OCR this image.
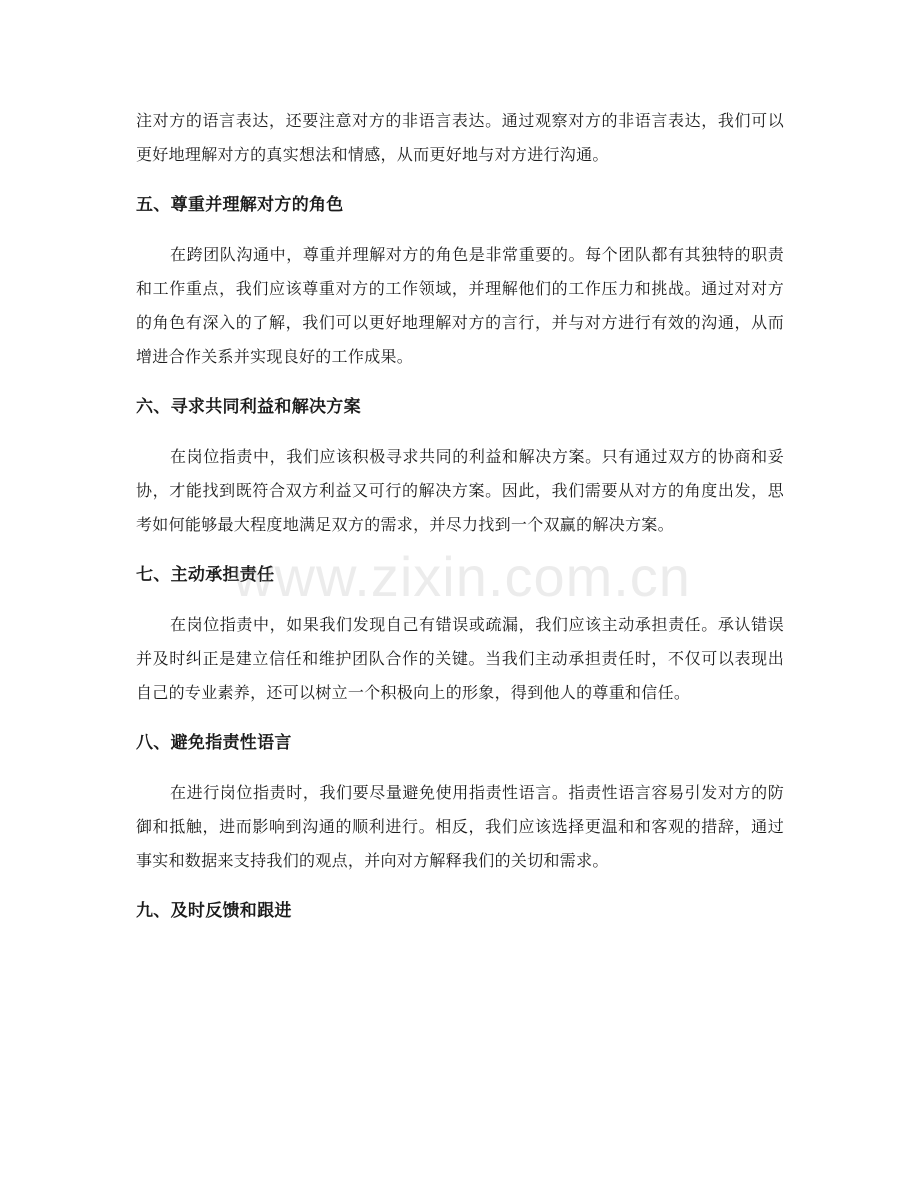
注对方的语言表达，还要注意对方的非语言表达。通过观察对方的非语言表达，我们可以更好地理解对方的真实想法和情感，从而更好地与对方进行沟通。

五、尊重并理解对方的角色

在跨团队沟通中，尊重并理解对方的角色是非常重要的。每个团队都有其独特的职责和工作重点，我们应该尊重对方的工作领域，并理解他们的工作压力和挑战。通过对对方的角色有深入的了解，我们可以更好地理解对方的言行，并与对方进行有效的沟通，从而增进合作关系并实现良好的工作成果。

六、寻求共同利益和解决方案

在岗位指责中，我们应该积极寻求共同的利益和解决方案。只有通过双方的协商和妥协，才能找到既符合双方利益又可行的解决方案。因此，我们需要从对方的角度出发，思考如何能够最大程度地满足双方的需求，并尽力找到一个双赢的解决方案。

七、主动承担责任

在岗位指责中，如果我们发现自己有错误或疏漏，我们应该主动承担责任。承认错误并及时纠正是建立信任和维护团队合作的关键。当我们主动承担责任时，不仅可以表现出自己的专业素养，还可以树立一个积极向上的形象，得到他人的尊重和信任。

八、避免指责性语言

在进行岗位指责时，我们要尽量避免使用指责性语言。指责性语言容易引发对方的防御和抵触，进而影响到沟通的顺利进行。相反，我们应该选择更温和和客观的措辞，通过事实和数据来支持我们的观点，并向对方解释我们的关切和需求。

九、及时反馈和跟进
www.zixin.com.cn
